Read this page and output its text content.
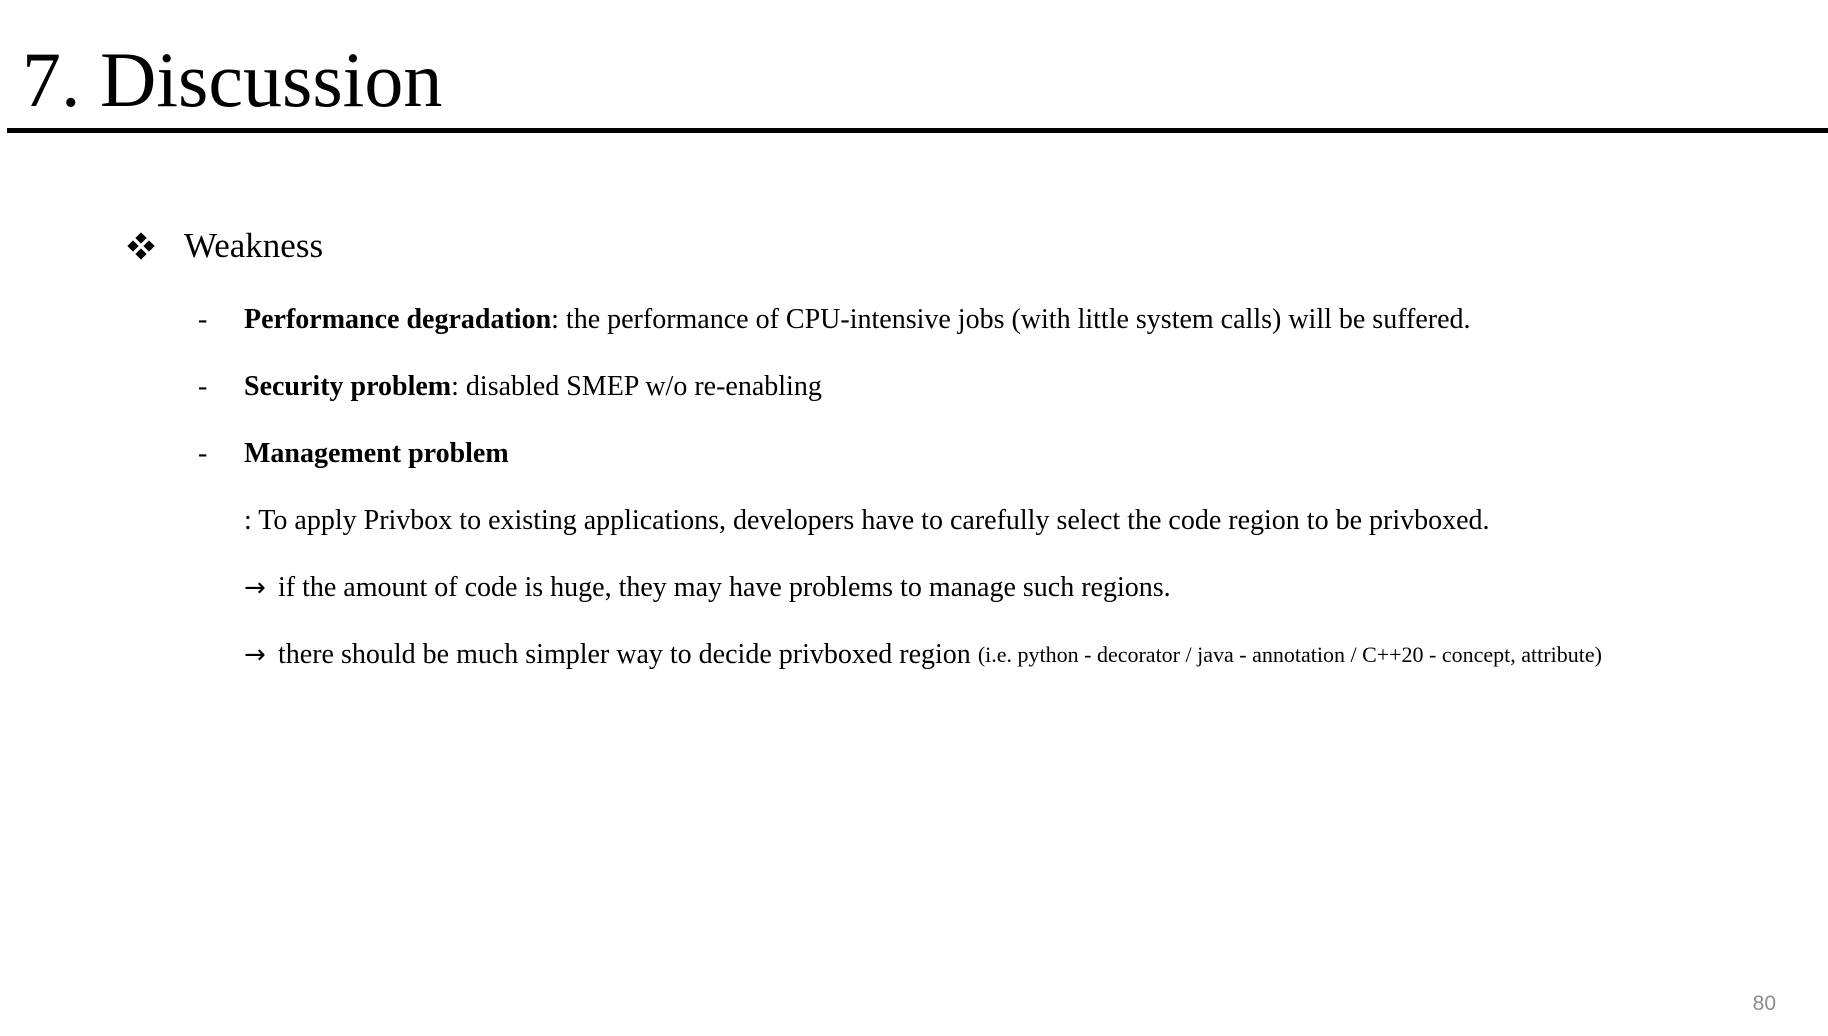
7. Discussion
Weakness
-	Performance degradation : the performance of CPU-intensive jobs (with little system calls) will be suffered.
-	Security problem : disabled SMEP w/o re-enabling
-	Management problem
: To apply Privbox to existing applications, developers have to carefully select the code region to be privboxed.
→ if the amount of code is huge, they may have problems to manage such regions.
→ there should be much simpler way to decide privboxed region
(i.e. python - decorator / java - annotation / C++20 - concept, attribute)
80
